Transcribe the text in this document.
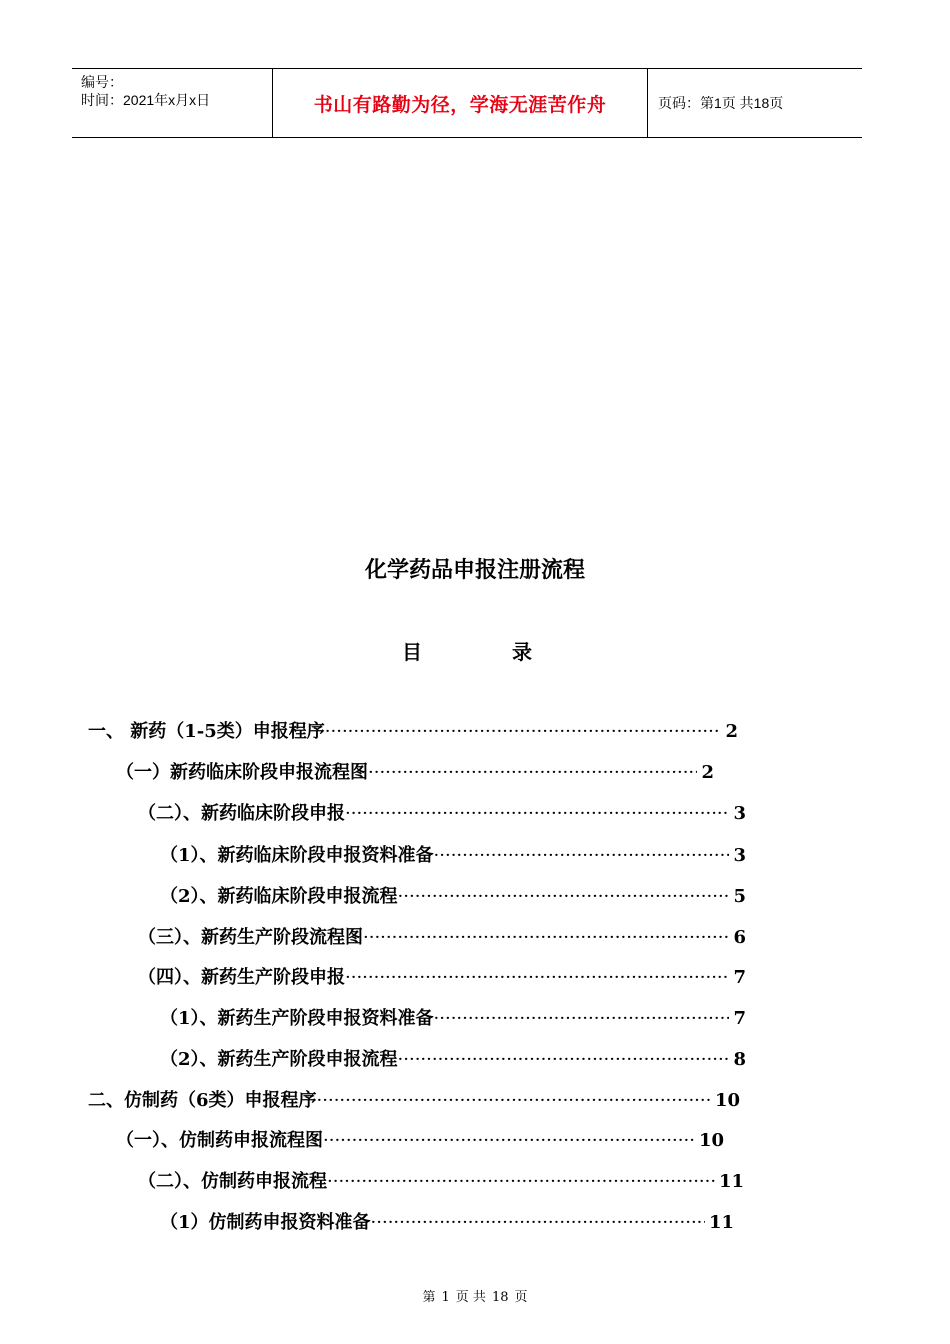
编号：
时间：2021年x月x日	书山有路勤为径，学海无涯苦作舟	页码：第1页 共18页
化学药品申报注册流程
目	录
一、 新药（1-5类）申报程序 ·····	2
（一）新药临床阶段申报流程图 ·····	2
（二）、新药临床阶段申报 ·····	3
（1）、新药临床阶段申报资料准备 ·····	3
（2）、新药临床阶段申报流程 ·····	5
（三）、新药生产阶段流程图 ·····	6
（四）、新药生产阶段申报 ·····	7
（1）、新药生产阶段申报资料准备 ·····	7
（2）、新药生产阶段申报流程 ·····	8
二、仿制药（6类）申报程序 ·····	10
（一）、仿制药申报流程图 ·····	10
（二）、仿制药申报流程 ·····	11
（1）仿制药申报资料准备 ·····	11
第 1 页 共 18 页
